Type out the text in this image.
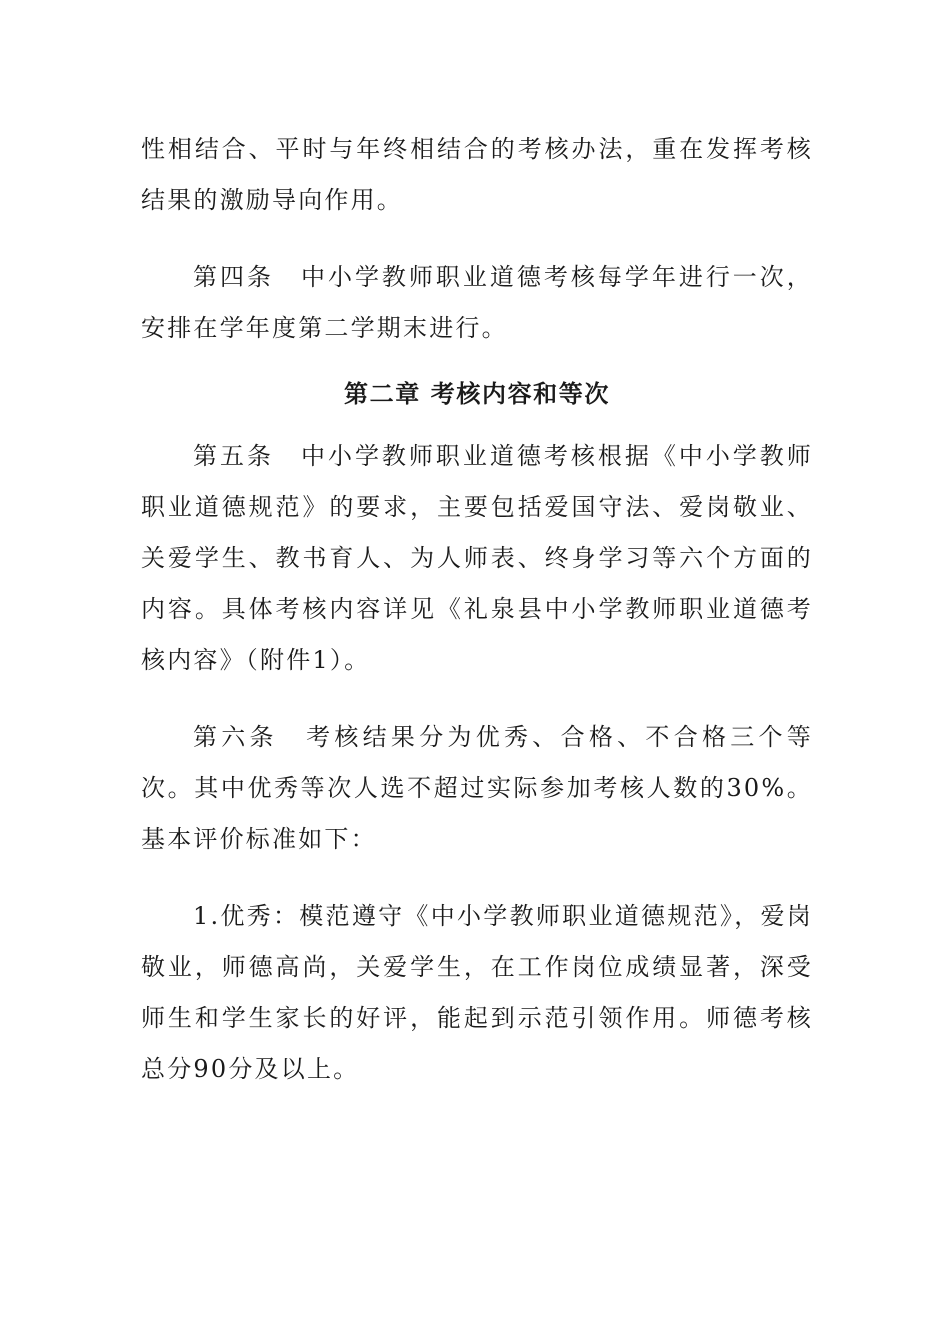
性相结合、平时与年终相结合的考核办法，重在发挥考核结果的激励导向作用。

第四条　中小学教师职业道德考核每学年进行一次，安排在学年度第二学期末进行。

第二章 考核内容和等次

第五条　中小学教师职业道德考核根据《中小学教师职业道德规范》的要求，主要包括爱国守法、爱岗敬业、关爱学生、教书育人、为人师表、终身学习等六个方面的内容。具体考核内容详见《礼泉县中小学教师职业道德考核内容》（附件1）。

第六条　考核结果分为优秀、合格、不合格三个等次。其中优秀等次人选不超过实际参加考核人数的30%。基本评价标准如下：

1.优秀：模范遵守《中小学教师职业道德规范》，爱岗敬业，师德高尚，关爱学生，在工作岗位成绩显著，深受师生和学生家长的好评，能起到示范引领作用。师德考核总分90分及以上。
